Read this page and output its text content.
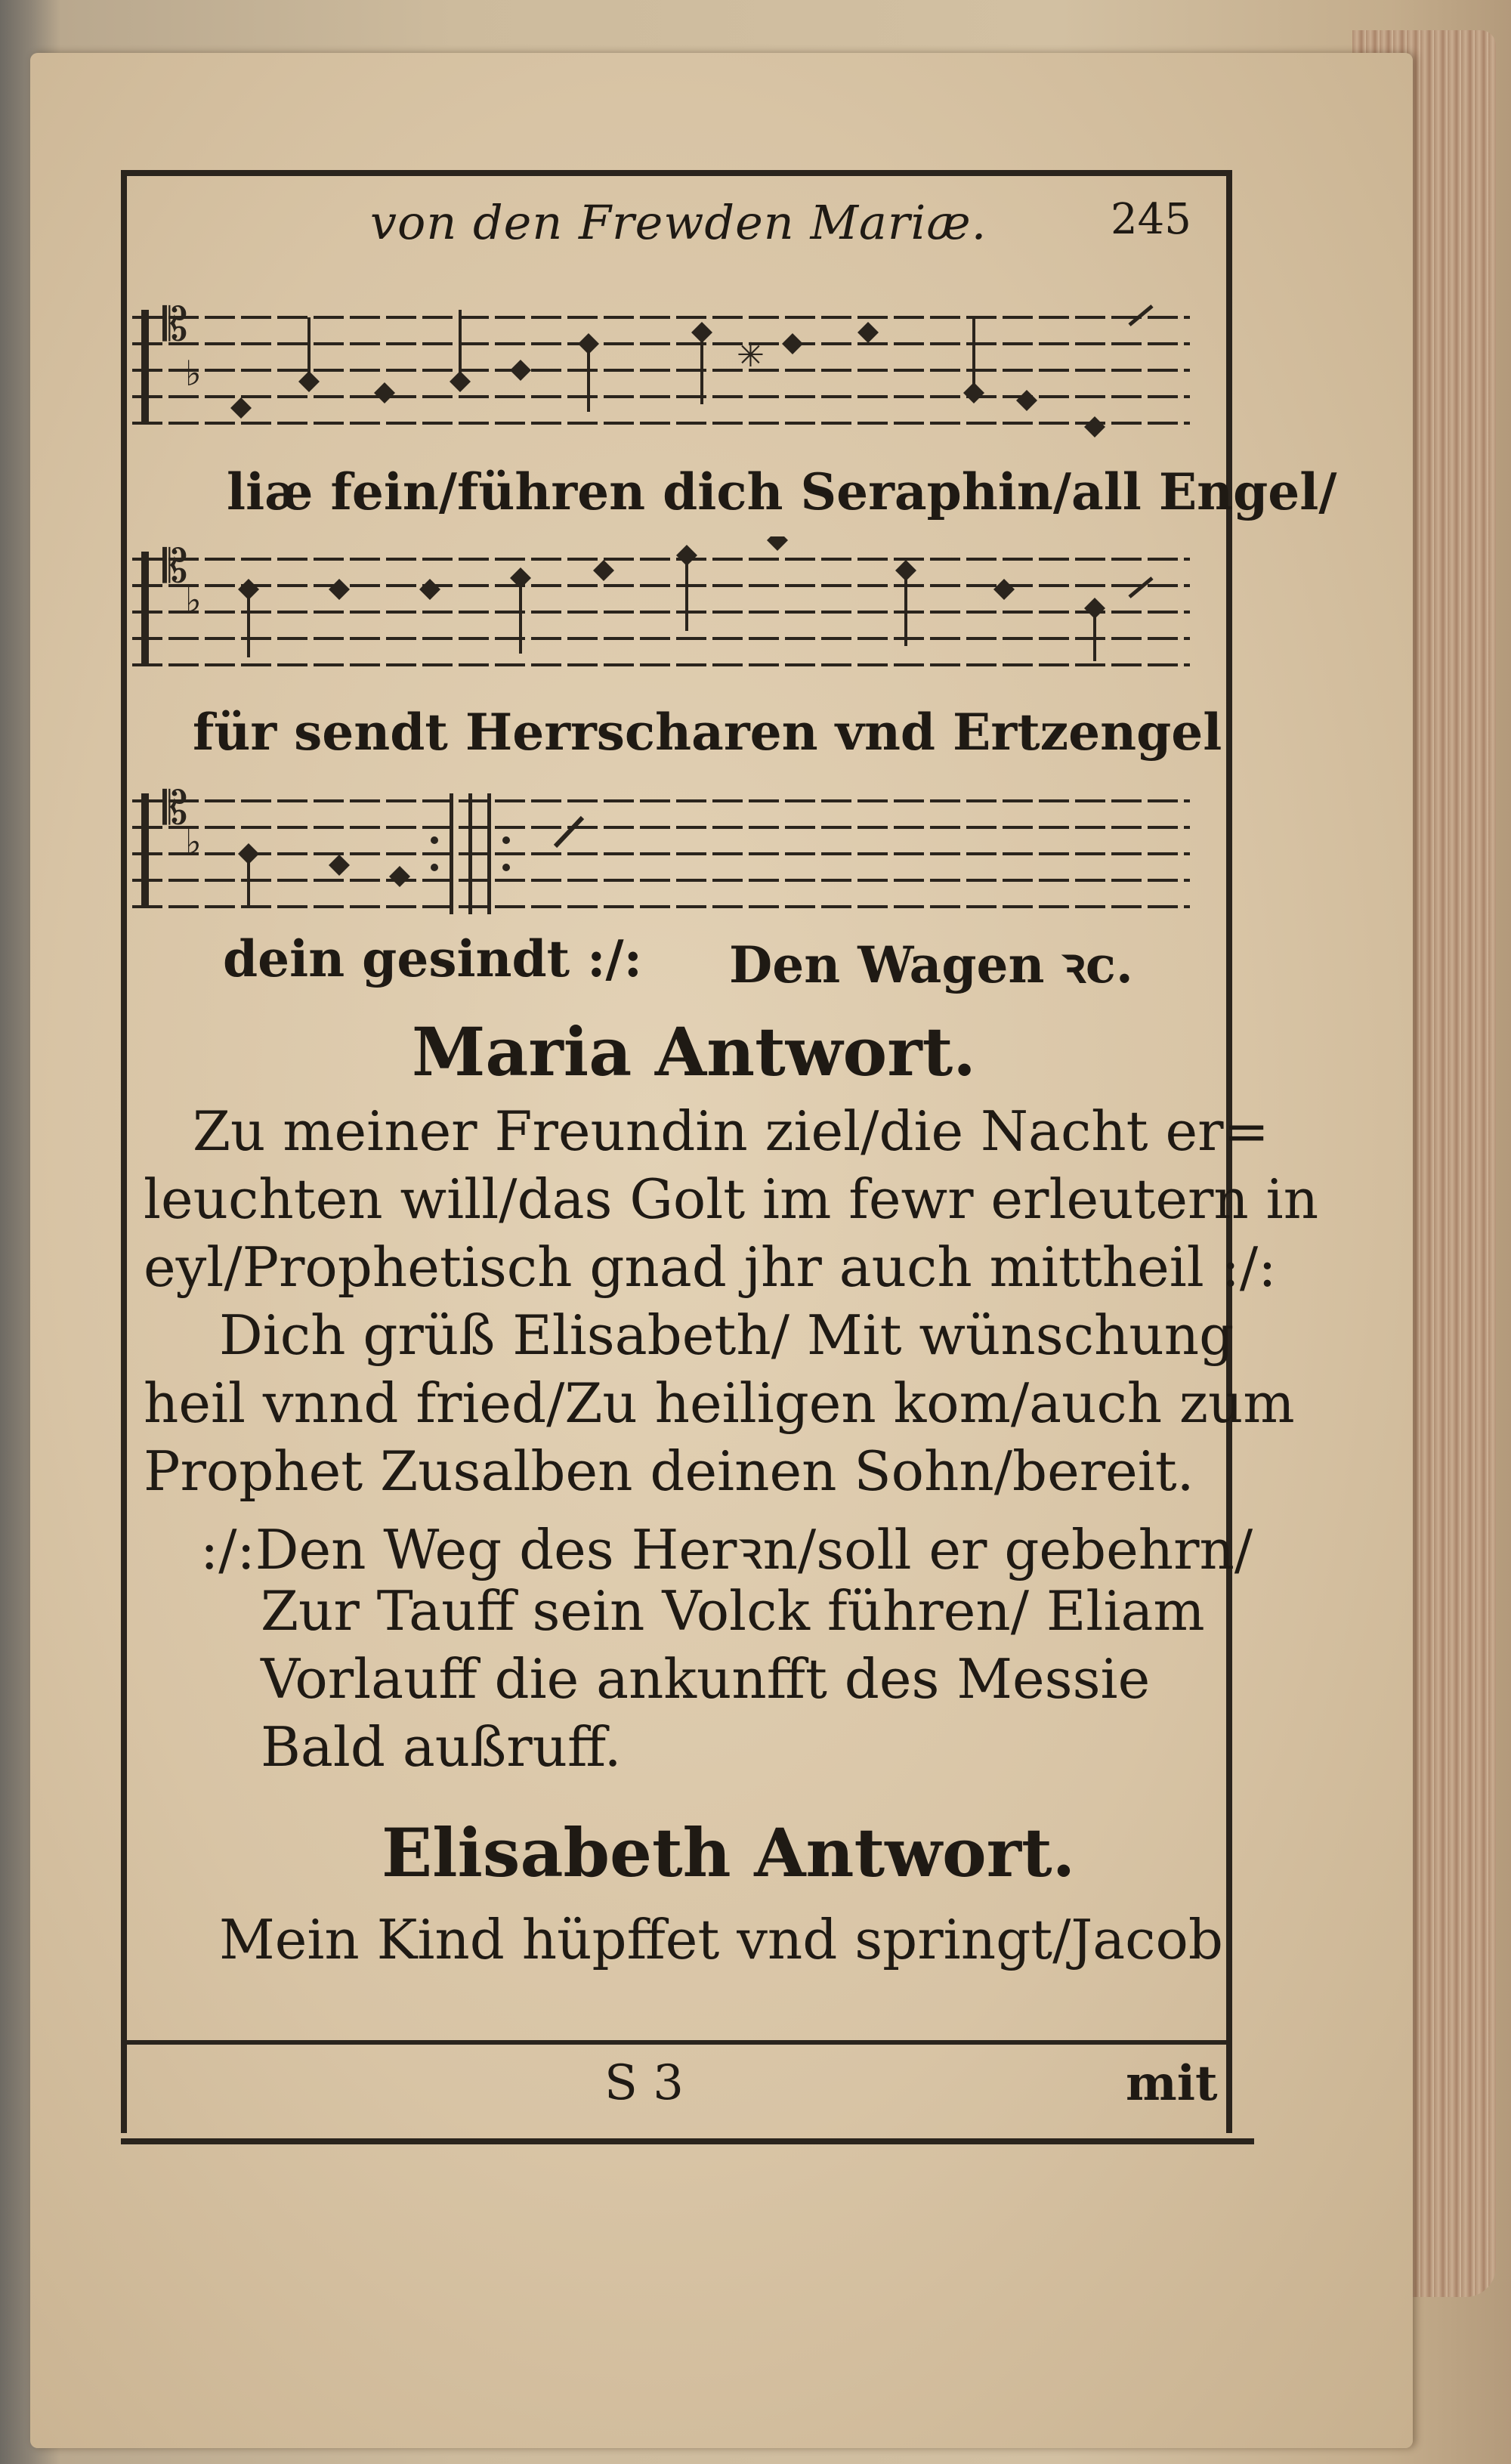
von den Frewden Mariæ.	245
𝄡
♭	✳
liæ fein/führen dich Seraphin/all Engel/
𝄡
♭
für sendt Herrscharen vnd Ertzengel
𝄡
♭
dein gesindt :/: Den Wagen ꝛc.
Maria Antwort.
Zu meiner Freundin ziel/die Nacht er=
leuchten will/das Golt im fewr erleutern in
eyl/Prophetisch gnad jhr auch mittheil :/:
Dich grüß Elisabeth/ Mit wünschung
heil vnnd fried/Zu heiligen kom/auch zum
Prophet Zusalben deinen Sohn/bereit.
:/:Den Weg des Herꝛn/soll er gebehrn/
Zur Tauff sein Volck führen/ Eliam
Vorlauff die ankunfft des Messie
Bald außruff.
Elisabeth Antwort.
Mein Kind hüpffet vnd springt/Jacob
S 3	mit
